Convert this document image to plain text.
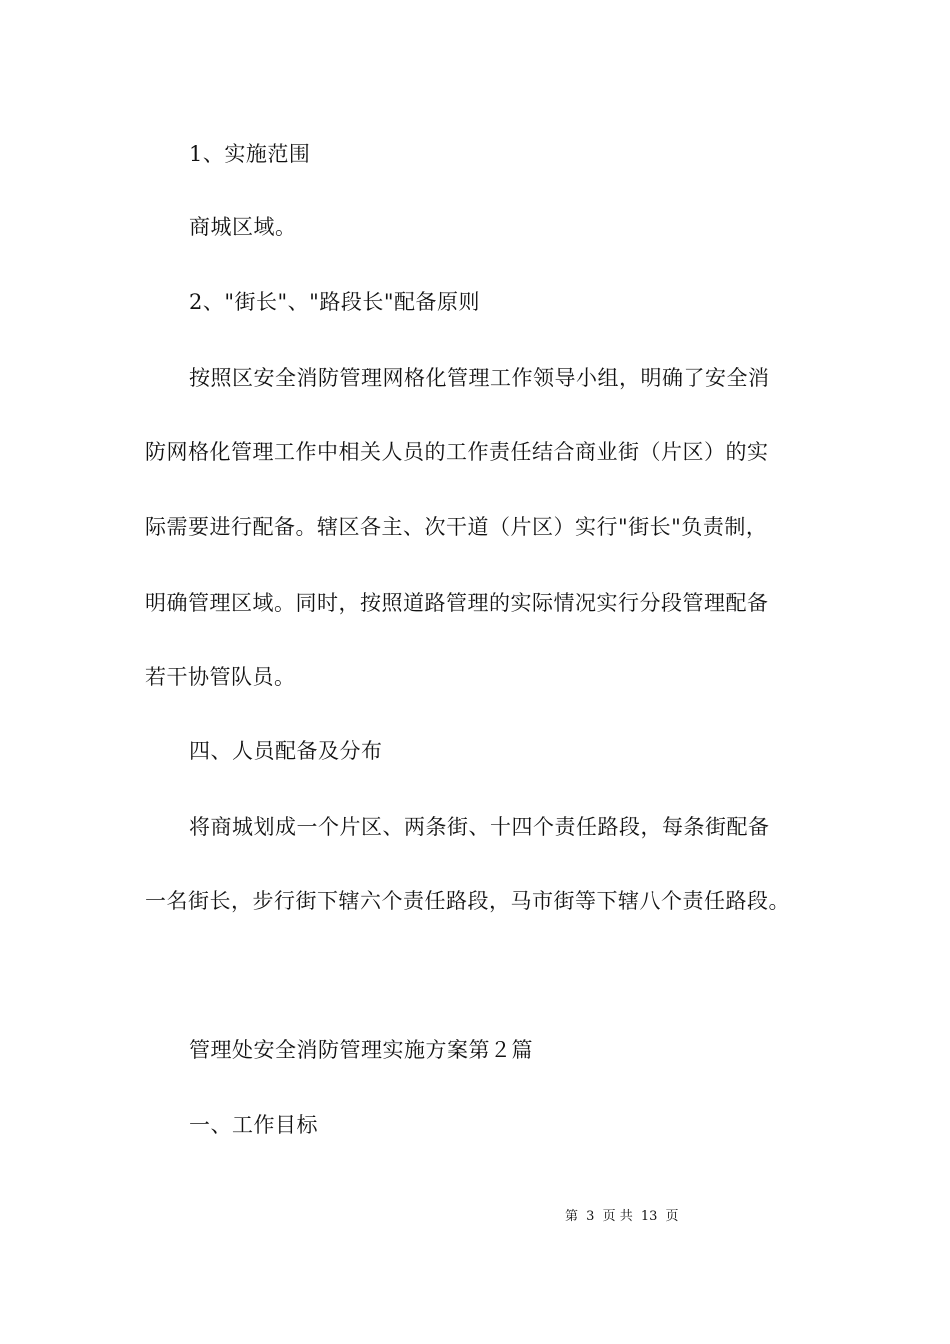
1、实施范围
商城区域。
2、"街长"、"路段长"配备原则
按照区安全消防管理网格化管理工作领导小组，明确了安全消
防网格化管理工作中相关人员的工作责任结合商业街（片区）的实
际需要进行配备。辖区各主、次干道（片区）实行"街长"负责制，
明确管理区域。同时，按照道路管理的实际情况实行分段管理配备
若干协管队员。
四、人员配备及分布
将商城划成一个片区、两条街、十四个责任路段，每条街配备
一名街长，步行街下辖六个责任路段，马市街等下辖八个责任路段。
管理处安全消防管理实施方案第２篇
一、工作目标
第 3 页 共 13 页
